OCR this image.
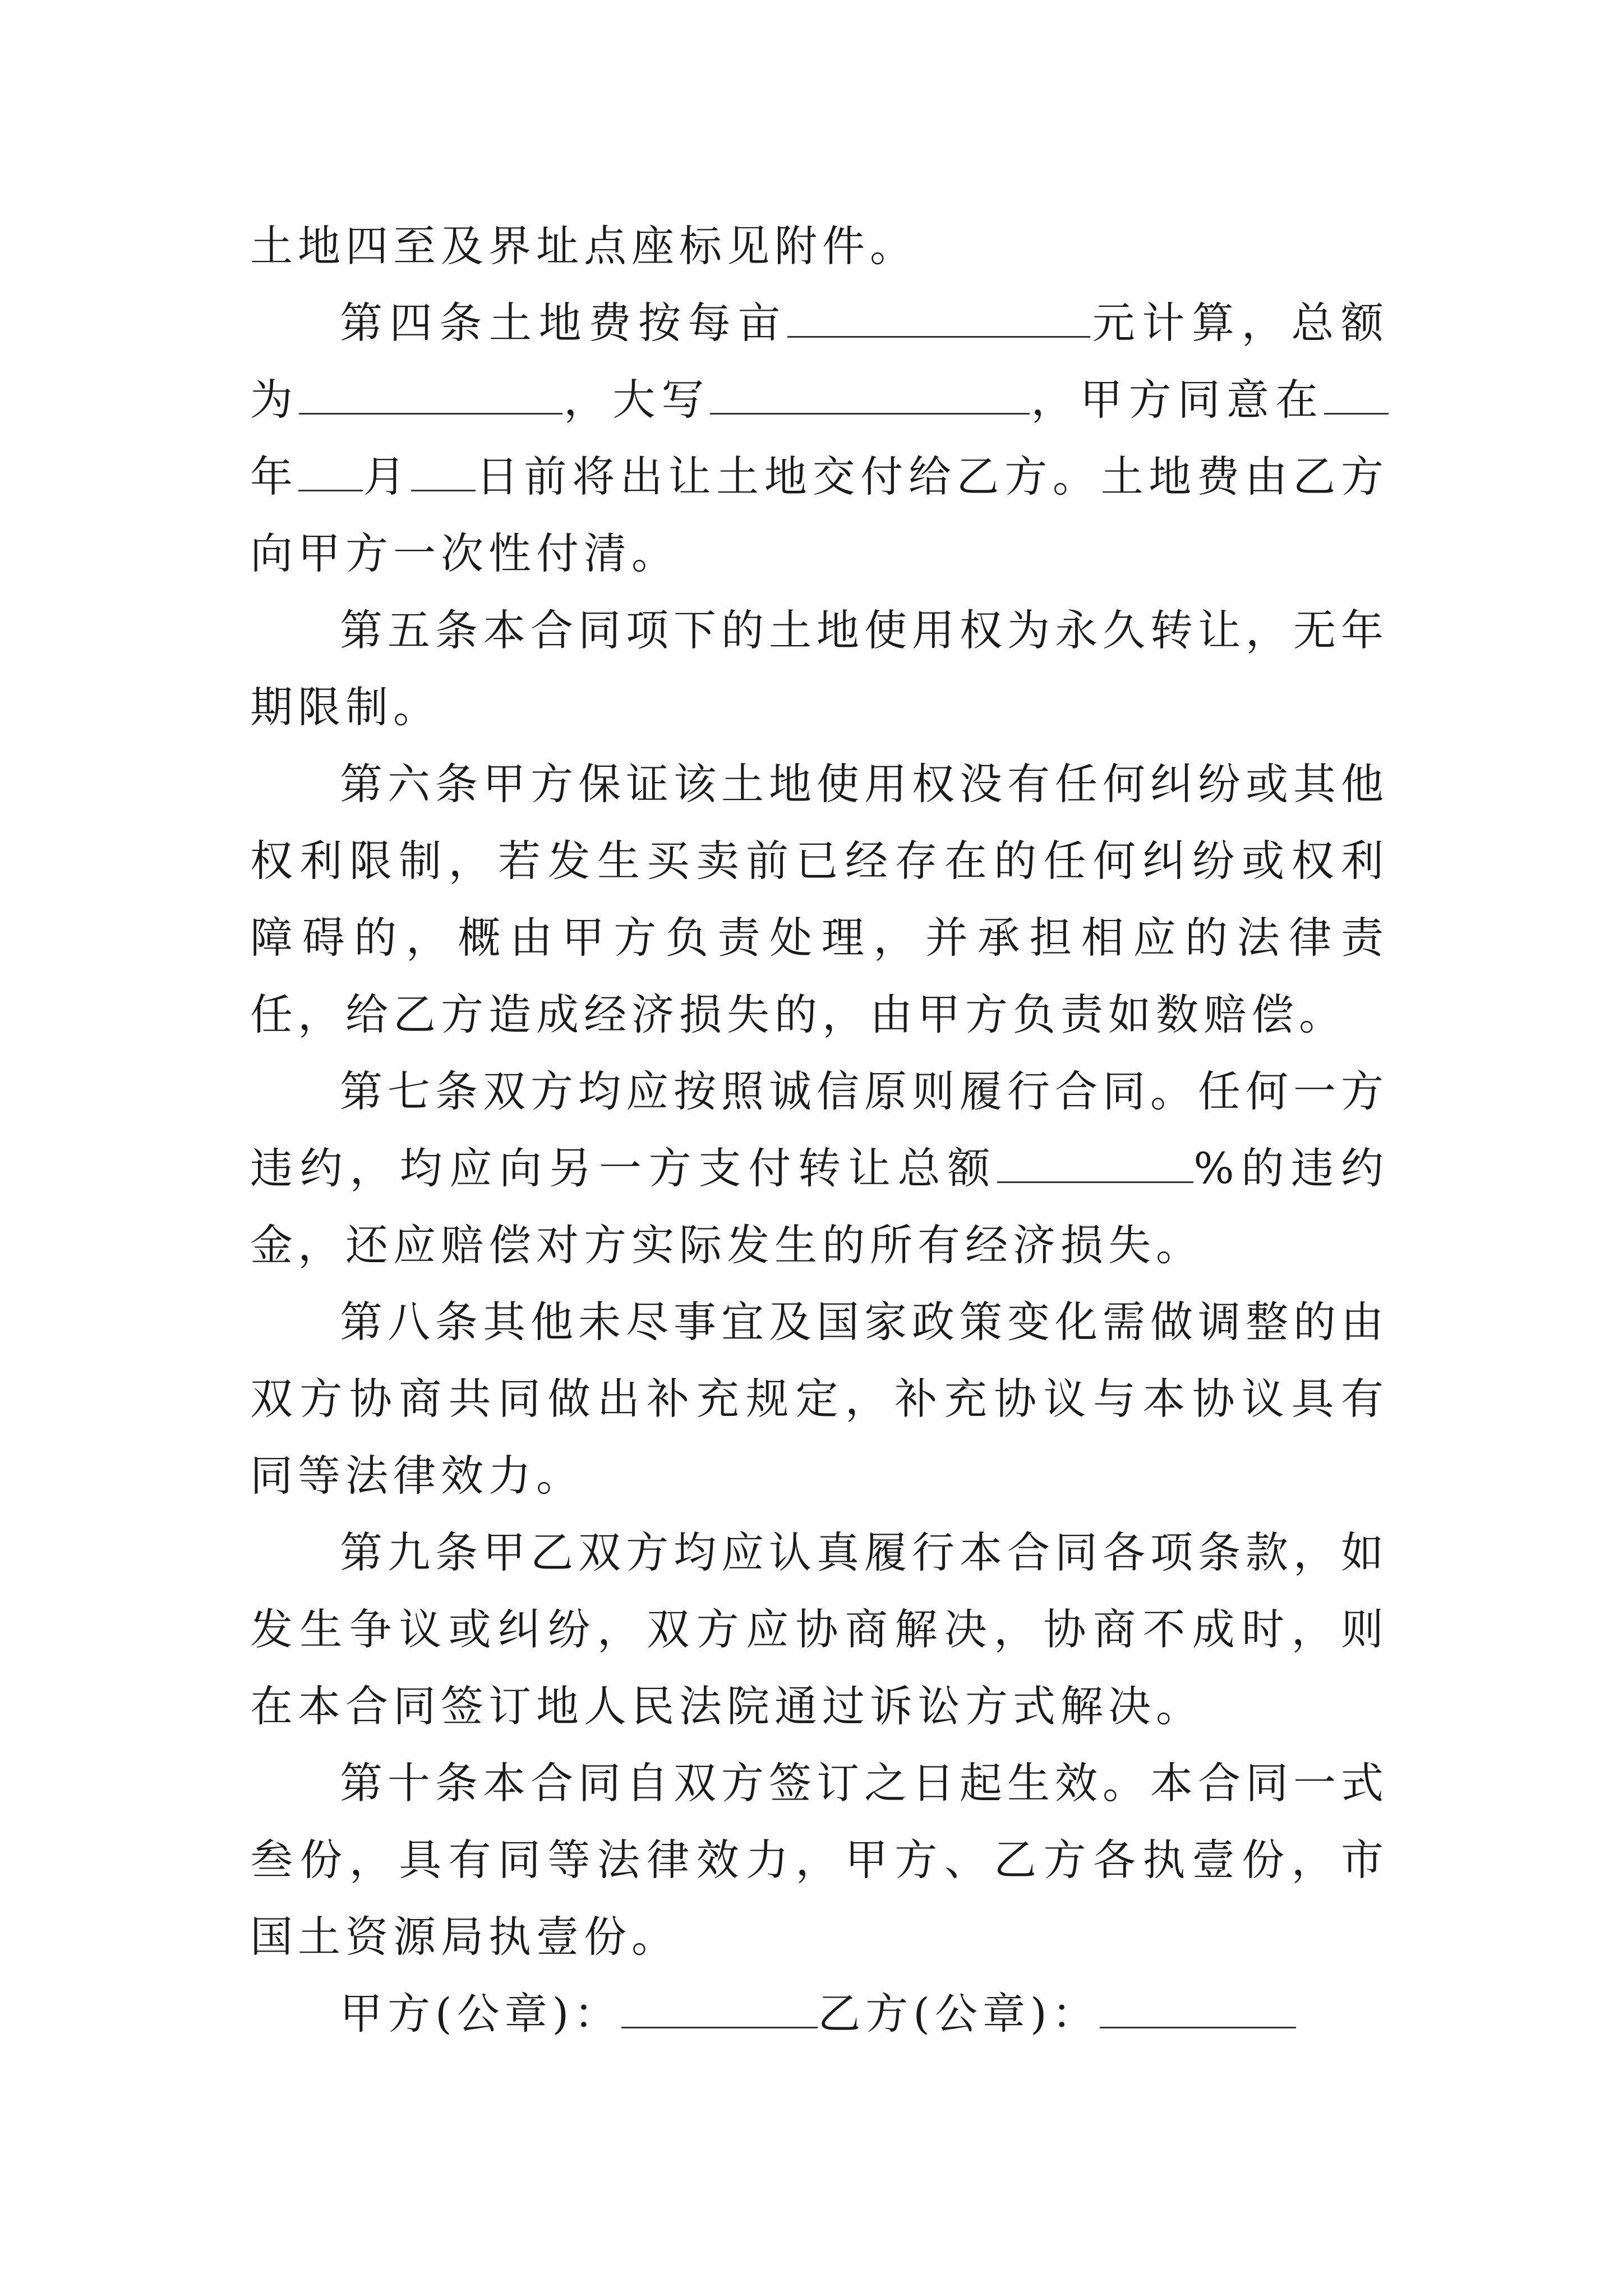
土地四至及界址点座标见附件。

第四条土地费按每亩	元计算，总额为	，大写	，甲方同意在年 月 日前将出让土地交付给乙方。土地费由乙方向甲方一次性付清。

第五条本合同项下的土地使用权为永久转让，无年期限制。

第六条甲方保证该土地使用权没有任何纠纷或其他权利限制，若发生买卖前已经存在的任何纠纷或权利障碍的，概由甲方负责处理，并承担相应的法律责任，给乙方造成经济损失的，由甲方负责如数赔偿。

第七条双方均应按照诚信原则履行合同。任何一方违约，均应向另一方支付转让总额	%的违约金，还应赔偿对方实际发生的所有经济损失。

第八条其他未尽事宜及国家政策变化需做调整的由双方协商共同做出补充规定，补充协议与本协议具有同等法律效力。

第九条甲乙双方均应认真履行本合同各项条款，如发生争议或纠纷，双方应协商解决，协商不成时，则在本合同签订地人民法院通过诉讼方式解决。

第十条本合同自双方签订之日起生效。本合同一式叁份，具有同等法律效力，甲方、乙方各执壹份，市国土资源局执壹份。

甲方(公章)：	乙方(公章)：
